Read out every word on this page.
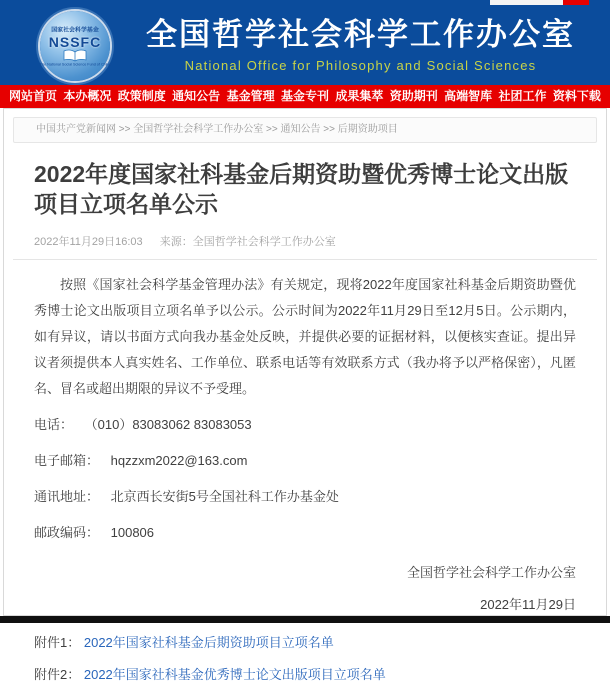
国家社会科学基金
NSSFC
The National Social Science Fund of China
全国哲学社会科学工作办公室
National Office for Philosophy and Social Sciences
网站首页 本办概况 政策制度 通知公告 基金管理 基金专刊 成果集萃 资助期刊 高端智库 社团工作 资料下载
中国共产党新闻网 >> 全国哲学社会科学工作办公室 >> 通知公告 >> 后期资助项目
2022年度国家社科基金后期资助暨优秀博士论文出版项目立项名单公示
2022年11月29日16:03 来源：全国哲学社会科学工作办公室

按照《国家社会科学基金管理办法》有关规定，现将2022年度国家社科基金后期资助暨优秀博士论文出版项目立项名单予以公示。公示时间为2022年11月29日至12月5日。公示期内，如有异议，请以书面方式向我办基金处反映，并提供必要的证据材料，以便核实查证。提出异议者须提供本人真实姓名、工作单位、联系电话等有效联系方式（我办将予以严格保密），凡匿名、冒名或超出期限的异议不予受理。

电话： （010）83083062 83083053
电子邮箱： hqzzxm2022@163.com
通讯地址： 北京西长安街5号全国社科工作办基金处
邮政编码： 100806
全国哲学社会科学工作办公室
2022年11月29日
附件1： 2022年国家社科基金后期资助项目立项名单
附件2： 2022年国家社科基金优秀博士论文出版项目立项名单
